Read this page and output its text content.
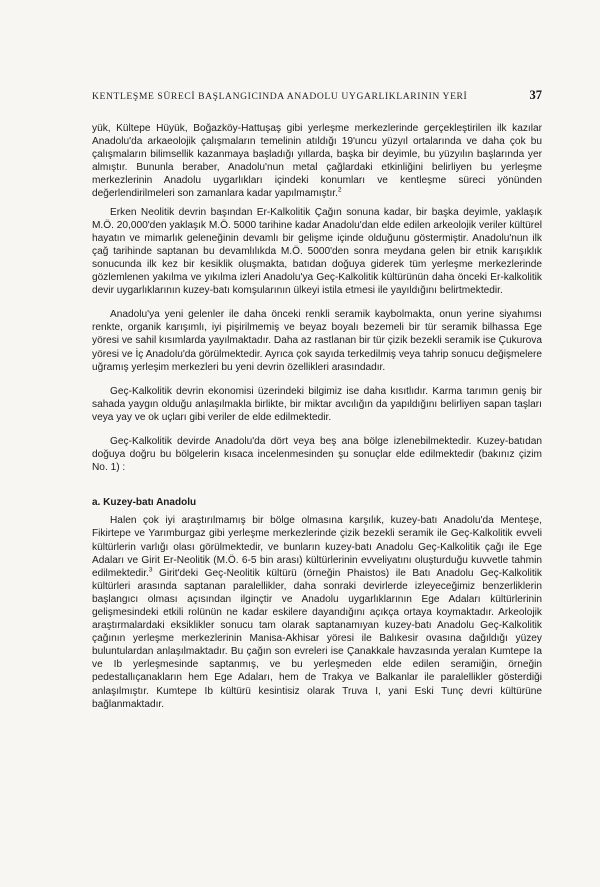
KENTLEŞME SÜRECİ BAŞLANGICINDA ANADOLU UYGARLIKLARININ YERİ	37

yük, Kültepe Hüyük, Boğazköy-Hattuşaş gibi yerleşme merkezlerinde gerçekleştirilen ilk kazılar Anadolu'da arkaeolojik çalışmaların temelinin atıldığı 19'uncu yüzyıl ortalarında ve daha çok bu çalışmaların bilimsellik kazanmaya başladığı yıllarda, başka bir deyimle, bu yüzyılın başlarında yer almıştır. Bununla beraber, Anadolu'nun metal çağlardaki etkinliğini belirliyen bu yerleşme merkezlerinin Anadolu uygarlıkları içindeki konumları ve kentleşme süreci yönünden değerlendirilmeleri son zamanlara kadar yapılmamıştır.$^2$

Erken Neolitik devrin başından Er-Kalkolitik Çağın sonuna kadar, bir başka deyimle, yaklaşık M.Ö. 20,000'den yaklaşık M.Ö. 5000 tarihine kadar Anadolu'dan elde edilen arkeolojik veriler kültürel hayatın ve mimarlık geleneğinin devamlı bir gelişme içinde olduğunu göstermiştir. Anadolu'nun ilk çağ tarihinde saptanan bu devamlılıkda M.Ö. 5000'den sonra meydana gelen bir etnik karışıklık sonucunda ilk kez bir kesiklik oluşmakta, batıdan doğuya giderek tüm yerleşme merkezlerinde gözlemlenen yakılma ve yıkılma izleri Anadolu'ya Geç-Kalkolitik kültürünün daha önceki Er-kalkolitik devir uygarlıklarının kuzey-batı komşularının ülkeyi istila etmesi ile yayıldığını belirtmektedir.

Anadolu'ya yeni gelenler ile daha önceki renkli seramik kaybolmakta, onun yerine siyahımsı renkte, organik karışımlı, iyi pişirilmemiş ve beyaz boyalı bezemeli bir tür seramik bilhassa Ege yöresi ve sahil kısımlarda yayılmaktadır. Daha az rastlanan bir tür çizik bezekli seramik ise Çukurova yöresi ve İç Anadolu'da görülmektedir. Ayrıca çok sayıda terkedilmiş veya tahrip sonucu değişmelere uğramış yerleşim merkezleri bu yeni devrin özellikleri arasındadır.

Geç-Kalkolitik devrin ekonomisi üzerindeki bilgimiz ise daha kısıtlıdır. Karma tarımın geniş bir sahada yaygın olduğu anlaşılmakla birlikte, bir miktar avcılığın da yapıldığını belirliyen sapan taşları veya yay ve ok uçları gibi veriler de elde edilmektedir.

Geç-Kalkolitik devirde Anadolu'da dört veya beş ana bölge izlenebilmektedir. Kuzey-batıdan doğuya doğru bu bölgelerin kısaca incelenmesinden şu sonuçlar elde edilmektedir (bakınız çizim No. 1) :

a. Kuzey-batı Anadolu

Halen çok iyi araştırılmamış bir bölge olmasına karşılık, kuzey-batı Anadolu'da Menteşe, Fikirtepe ve Yarımburgaz gibi yerleşme merkezlerinde çizik bezekli seramik ile Geç-Kalkolitik evveli kültürlerin varlığı olası görülmektedir, ve bunların kuzey-batı Anadolu Geç-Kalkolitik çağı ile Ege Adaları ve Girit Er-Neolitik (M.Ö. 6-5 bin arası) kültürlerinin evveliyatını oluşturduğu kuvvetle tahmin edilmektedir.$^3$ Girit'deki Geç-Neolitik kültürü (örneğin Phaistos) ile Batı Anadolu Geç-Kalkolitik kültürleri arasında saptanan paralellikler, daha sonraki devirlerde izleyeceğimiz benzerliklerin başlangıcı olması açısından ilginçtir ve Anadolu uygarlıklarının Ege Adaları kültürlerinin gelişmesindeki etkili rolünün ne kadar eskilere dayandığını açıkça ortaya koymaktadır. Arkeolojik araştırmalardaki eksiklikler sonucu tam olarak saptanamıyan kuzey-batı Anadolu Geç-Kalkolitik çağının yerleşme merkezlerinin Manisa-Akhisar yöresi ile Balıkesir ovasına dağıldığı yüzey buluntulardan anlaşılmaktadır. Bu çağın son evreleri ise Çanakkale havzasında yeralan Kumtepe Ia ve Ib yerleşmesinde saptanmış, ve bu yerleşmeden elde edilen seramiğin, örneğin pedestallıçanakların hem Ege Adaları, hem de Trakya ve Balkanlar ile paralellikler gösterdiği anlaşılmıştır. Kumtepe Ib kültürü kesintisiz olarak Truva I, yani Eski Tunç devri kültürüne bağlanmaktadır.
